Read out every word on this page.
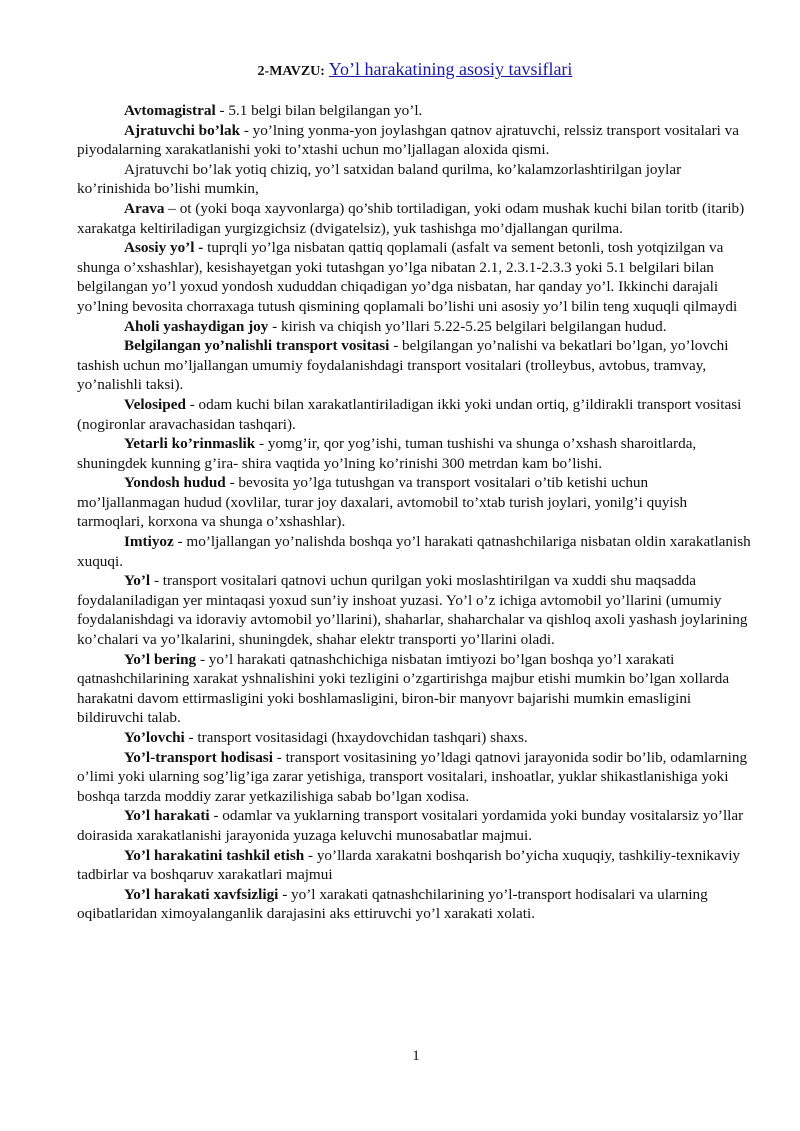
2-MAVZU: Yo’l harakatining asosiy tavsiflari

Avtomagistral - 5.1 belgi bilan belgilangan yo’l.

Ajratuvchi bo’lak - yo’lning yonma-yon joylashgan qatnov ajratuvchi, relssiz transport vositalari va piyodalarning xarakatlanishi yoki to’xtashi uchun mo’ljallagan aloxida qismi.

Ajratuvchi bo’lak yotiq chiziq, yo’l satxidan baland qurilma, ko’kalamzorlashtirilgan joylar ko’rinishida bo’lishi mumkin,

Arava – ot (yoki boqa xayvonlarga) qo’shib tortiladigan, yoki odam mushak kuchi bilan toritb (itarib) xarakatga keltiriladigan yurgizgichsiz (dvigatelsiz), yuk tashishga mo’djallangan qurilma.

Asosiy yo’l - tuprqli yo’lga nisbatan qattiq qoplamali (asfalt va sement betonli, tosh yotqizilgan va shunga o’xshashlar), kesishayetgan yoki tutashgan yo’lga nibatan 2.1, 2.3.1-2.3.3 yoki 5.1 belgilari bilan belgilangan yo’l yoxud yondosh xududdan chiqadigan yo’dga nisbatan, har qanday yo’l. Ikkinchi darajali yo’lning bevosita chorraxaga tutush qismining qoplamali bo’lishi uni asosiy yo’l bilin teng xuquqli qilmaydi

Aholi yashaydigan joy - kirish va chiqish yo’llari 5.22-5.25 belgilari belgilangan hudud.

Belgilangan yo’nalishli transport vositasi - belgilangan yo’nalishi va bekatlari bo’lgan, yo’lovchi tashish uchun mo’ljallangan umumiy foydalanishdagi transport vositalari (trolleybus, avtobus, tramvay, yo’nalishli taksi).

Velosiped - odam kuchi bilan xarakatlantiriladigan ikki yoki undan ortiq, g’ildirakli transport vositasi (nogironlar aravachasidan tashqari).

Yetarli ko’rinmaslik - yomg’ir, qor yog’ishi, tuman tushishi va shunga o’xshash sharoitlarda, shuningdek kunning g’ira- shira vaqtida yo’lning ko’rinishi 300 metrdan kam bo’lishi.

Yondosh hudud - bevosita yo’lga tutushgan va transport vositalari o’tib ketishi uchun mo’ljallanmagan hudud (xovlilar, turar joy daxalari, avtomobil to’xtab turish joylari, yonilg’i quyish tarmoqlari, korxona va shunga o’xshashlar).

Imtiyoz - mo’ljallangan yo’nalishda boshqa yo’l harakati qatnashchilariga nisbatan oldin xarakatlanish xuquqi.

Yo’l - transport vositalari qatnovi uchun qurilgan yoki moslashtirilgan va xuddi shu maqsadda foydalaniladigan yer mintaqasi yoxud sun’iy inshoat yuzasi. Yo’l o’z ichiga avtomobil yo’llarini (umumiy foydalanishdagi va idoraviy avtomobil yo’llarini), shaharlar, shaharchalar va qishloq axoli yashash joylarining ko’chalari va yo’lkalarini, shuningdek, shahar elektr transporti yo’llarini oladi.

Yo’l bering - yo’l harakati qatnashchichiga nisbatan imtiyozi bo’lgan boshqa yo’l xarakati qatnashchilarining xarakat yshnalishini yoki tezligini o’zgartirishga majbur etishi mumkin bo’lgan xollarda harakatni davom ettirmasligini yoki boshlamasligini, biron-bir manyovr bajarishi mumkin emasligini bildiruvchi talab.

Yo’lovchi - transport vositasidagi (hxaydovchidan tashqari) shaxs.

Yo’l-transport hodisasi - transport vositasining yo’ldagi qatnovi jarayonida sodir bo’lib, odamlarning o’limi yoki ularning sog’lig’iga zarar yetishiga, transport vositalari, inshoatlar, yuklar shikastlanishiga yoki boshqa tarzda moddiy zarar yetkazilishiga sabab bo’lgan xodisa.

Yo’l harakati - odamlar va yuklarning transport vositalari yordamida yoki bunday vositalarsiz yo’llar doirasida xarakatlanishi jarayonida yuzaga keluvchi munosabatlar majmui.

Yo’l harakatini tashkil etish - yo’llarda xarakatni boshqarish bo’yicha xuquqiy, tashkiliy-texnikaviy tadbirlar va boshqaruv xarakatlari majmui

Yo’l harakati xavfsizligi - yo’l xarakati qatnashchilarining yo’l-transport hodisalari va ularning oqibatlaridan ximoyalanganlik darajasini aks ettiruvchi yo’l xarakati xolati.

1
